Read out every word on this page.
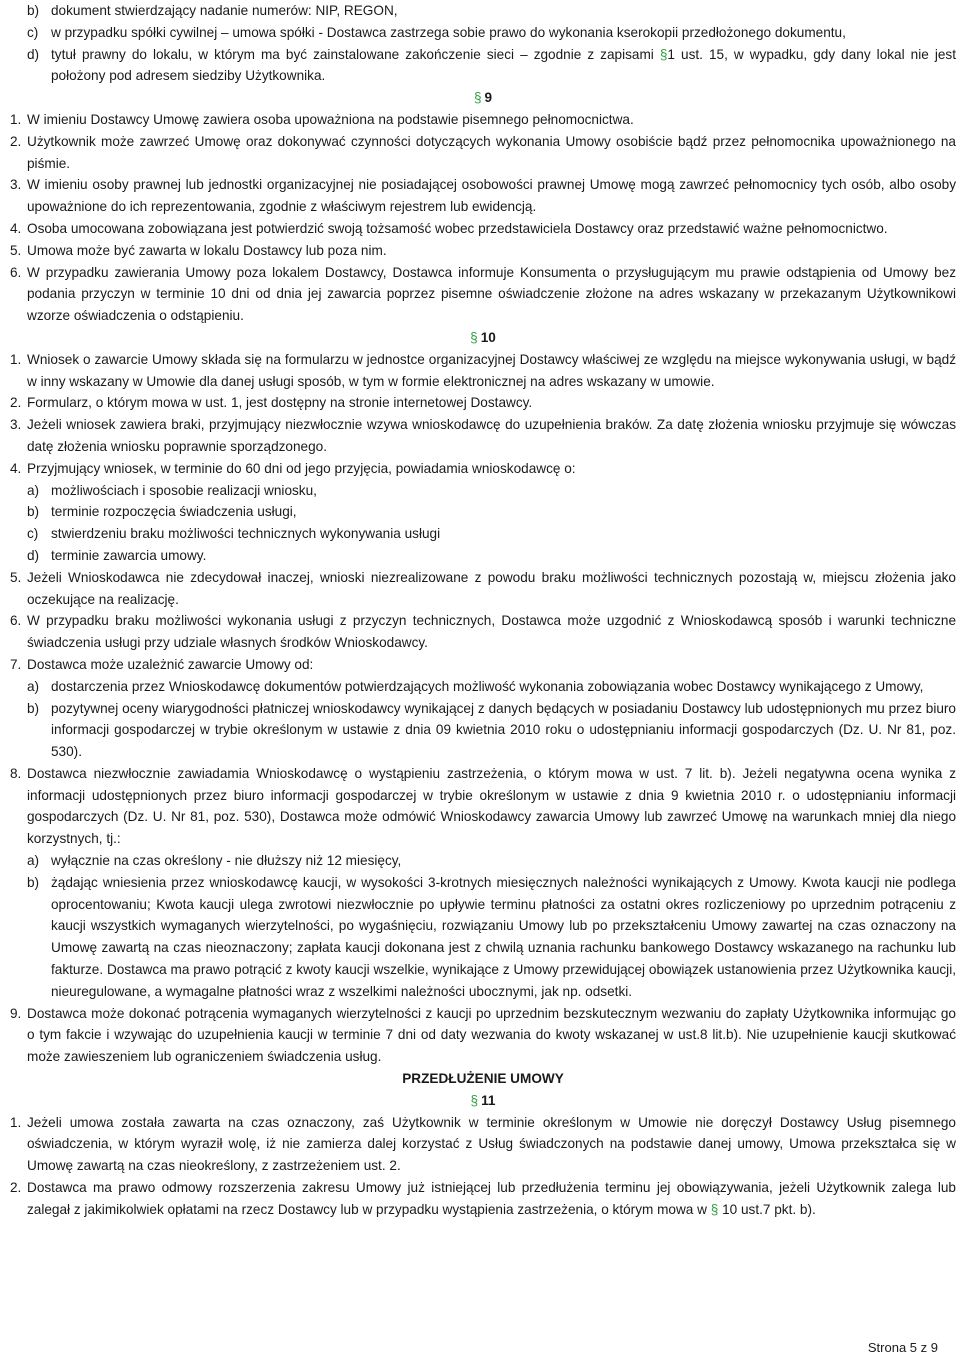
b) dokument stwierdzający nadanie numerów: NIP, REGON,
c) w przypadku spółki cywilnej – umowa spółki - Dostawca zastrzega sobie prawo do wykonania kserokopii przedłożonego dokumentu,
d) tytuł prawny do lokalu, w którym ma być zainstalowane zakończenie sieci – zgodnie z zapisami §1 ust. 15, w wypadku, gdy dany lokal nie jest położony pod adresem siedziby Użytkownika.
§ 9
1. W imieniu Dostawcy Umowę zawiera osoba upoważniona na podstawie pisemnego pełnomocnictwa.
2. Użytkownik może zawrzeć Umowę oraz dokonywać czynności dotyczących wykonania Umowy osobiście bądź przez pełnomocnika upoważnionego na piśmie.
3. W imieniu osoby prawnej lub jednostki organizacyjnej nie posiadającej osobowości prawnej Umowę mogą zawrzeć pełnomocnicy tych osób, albo osoby upoważnione do ich reprezentowania, zgodnie z właściwym rejestrem lub ewidencją.
4. Osoba umocowana zobowiązana jest potwierdzić swoją tożsamość wobec przedstawiciela Dostawcy oraz przedstawić ważne pełnomocnictwo.
5. Umowa może być zawarta w lokalu Dostawcy lub poza nim.
6. W przypadku zawierania Umowy poza lokalem Dostawcy, Dostawca informuje Konsumenta o przysługującym mu prawie odstąpienia od Umowy bez podania przyczyn w terminie 10 dni od dnia jej zawarcia poprzez pisemne oświadczenie złożone na adres wskazany w przekazanym Użytkownikowi wzorze oświadczenia o odstąpieniu.
§ 10
1. Wniosek o zawarcie Umowy składa się na formularzu w jednostce organizacyjnej Dostawcy właściwej ze względu na miejsce wykonywania usługi, w bądź w inny wskazany w Umowie dla danej usługi sposób, w tym w formie elektronicznej na adres wskazany w umowie.
2. Formularz, o którym mowa w ust. 1, jest dostępny na stronie internetowej Dostawcy.
3. Jeżeli wniosek zawiera braki, przyjmujący niezwłocznie wzywa wnioskodawcę do uzupełnienia braków. Za datę złożenia wniosku przyjmuje się wówczas datę złożenia wniosku poprawnie sporządzonego.
4. Przyjmujący wniosek, w terminie do 60 dni od jego przyjęcia, powiadamia wnioskodawcę o:
a) możliwościach i sposobie realizacji wniosku,
b) terminie rozpoczęcia świadczenia usługi,
c) stwierdzeniu braku możliwości technicznych wykonywania usługi
d) terminie zawarcia umowy.
5. Jeżeli Wnioskodawca nie zdecydował inaczej, wnioski niezrealizowane z powodu braku możliwości technicznych pozostają w, miejscu złożenia jako oczekujące na realizację.
6. W przypadku braku możliwości wykonania usługi z przyczyn technicznych, Dostawca może uzgodnić z Wnioskodawcą sposób i warunki techniczne świadczenia usługi przy udziale własnych środków Wnioskodawcy.
7. Dostawca może uzależnić zawarcie Umowy od:
a) dostarczenia przez Wnioskodawcę dokumentów potwierdzających możliwość wykonania zobowiązania wobec Dostawcy wynikającego z Umowy,
b) pozytywnej oceny wiarygodności płatniczej wnioskodawcy wynikającej z danych będących w posiadaniu Dostawcy lub udostępnionych mu przez biuro informacji gospodarczej w trybie określonym w ustawie z dnia 09 kwietnia 2010 roku o udostępnianiu informacji gospodarczych (Dz. U. Nr 81, poz. 530).
8. Dostawca niezwłocznie zawiadamia Wnioskodawcę o wystąpieniu zastrzeżenia, o którym mowa w ust. 7 lit. b). Jeżeli negatywna ocena wynika z informacji udostępnionych przez biuro informacji gospodarczej w trybie określonym w ustawie z dnia 9 kwietnia 2010 r. o udostępnianiu informacji gospodarczych (Dz. U. Nr 81, poz. 530), Dostawca może odmówić Wnioskodawcy zawarcia Umowy lub zawrzeć Umowę na warunkach mniej dla niego korzystnych, tj.:
a) wyłącznie na czas określony - nie dłuższy niż 12 miesięcy,
b) żądając wniesienia przez wnioskodawcę kaucji, w wysokości 3-krotnych miesięcznych należności wynikających z Umowy. Kwota kaucji nie podlega oprocentowaniu; Kwota kaucji ulega zwrotowi niezwłocznie po upływie terminu płatności za ostatni okres rozliczeniowy po uprzednim potrąceniu z kaucji wszystkich wymaganych wierzytelności, po wygaśnięciu, rozwiązaniu Umowy lub po przekształceniu Umowy zawartej na czas oznaczony na Umowę zawartą na czas nieoznaczony; zapłata kaucji dokonana jest z chwilą uznania rachunku bankowego Dostawcy wskazanego na rachunku lub fakturze. Dostawca ma prawo potrącić z kwoty kaucji wszelkie, wynikające z Umowy przewidującej obowiązek ustanowienia przez Użytkownika kaucji, nieuregulowane, a wymagalne płatności wraz z wszelkimi należności ubocznymi, jak np. odsetki.
9. Dostawca może dokonać potrącenia wymaganych wierzytelności z kaucji po uprzednim bezskutecznym wezwaniu do zapłaty Użytkownika informując go o tym fakcie i wzywając do uzupełnienia kaucji w terminie 7 dni od daty wezwania do kwoty wskazanej w ust.8 lit.b). Nie uzupełnienie kaucji skutkować może zawieszeniem lub ograniczeniem świadczenia usług.
PRZEDŁUŻENIE UMOWY
§ 11
1. Jeżeli umowa została zawarta na czas oznaczony, zaś Użytkownik w terminie określonym w Umowie nie doręczył Dostawcy Usług pisemnego oświadczenia, w którym wyraził wolę, iż nie zamierza dalej korzystać z Usług świadczonych na podstawie danej umowy, Umowa przekształca się w Umowę zawartą na czas nieokreślony, z zastrzeżeniem ust. 2.
2. Dostawca ma prawo odmowy rozszerzenia zakresu Umowy już istniejącej lub przedłużenia terminu jej obowiązywania, jeżeli Użytkownik zalega lub zalegał z jakimikolwiek opłatami na rzecz Dostawcy lub w przypadku wystąpienia zastrzeżenia, o którym mowa w § 10 ust.7 pkt. b).
Strona 5 z 9
